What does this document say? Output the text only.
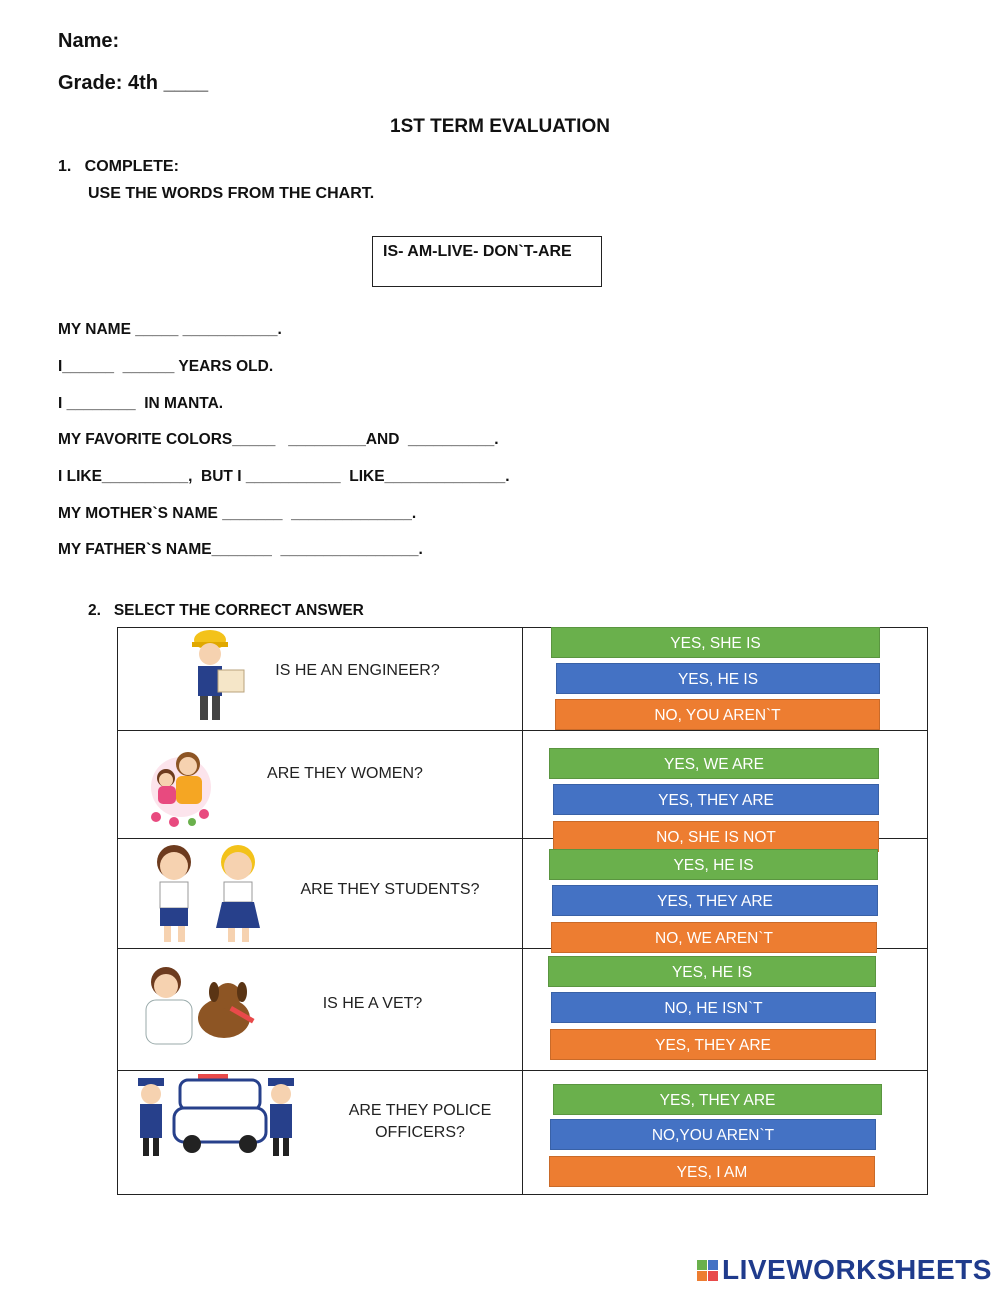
Name:
Grade: 4th ____
1ST TERM EVALUATION
1.   COMPLETE:
USE THE WORDS FROM THE CHART.
IS- AM-LIVE- DON`T-ARE
MY NAME _____ ___________.
I______  ______ YEARS OLD.
I ________  IN MANTA.
MY FAVORITE COLORS_____   _________AND  __________.
I LIKE__________,  BUT I ___________  LIKE______________.
MY MOTHER`S NAME _______  ______________.
MY FATHER`S NAME_______  ________________.
2.   SELECT THE CORRECT ANSWER
IS HE AN ENGINEER?
ARE THEY WOMEN?
ARE THEY STUDENTS?
IS HE A VET?
ARE THEY POLICE OFFICERS?
YES, SHE IS
YES, HE IS
NO, YOU AREN`T
YES, WE ARE
YES, THEY ARE
NO, SHE IS NOT
YES, HE IS
YES, THEY ARE
NO, WE AREN`T
YES, HE IS
NO, HE ISN`T
YES, THEY ARE
YES, THEY ARE
NO,YOU AREN`T
YES, I AM
LIVEWORKSHEETS
